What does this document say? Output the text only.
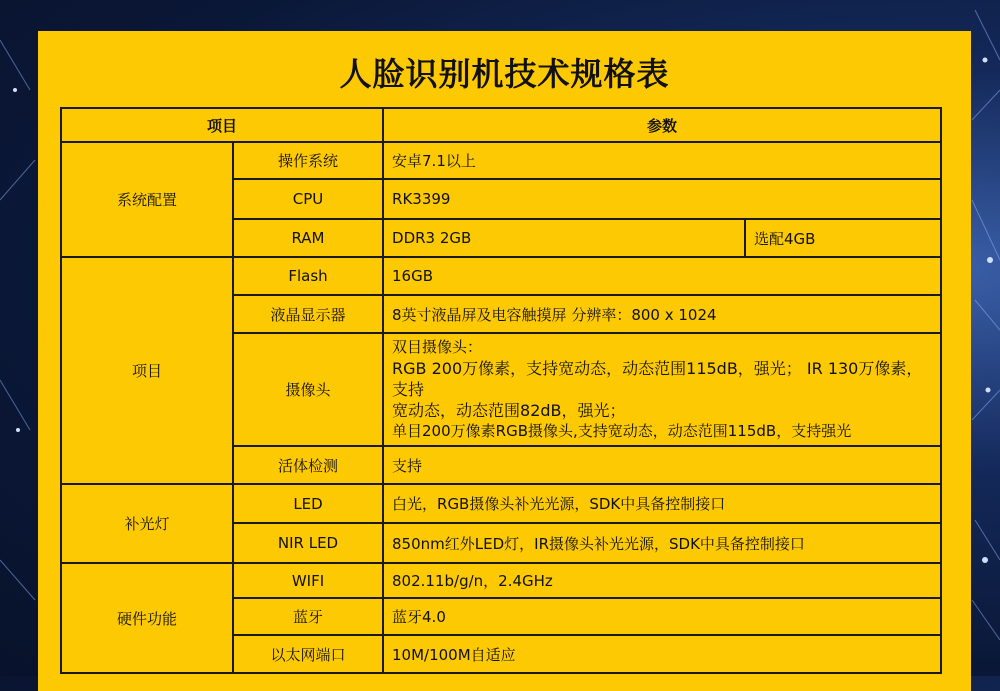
人脸识别机技术规格表
项目		参数	
系统配置	操作系统	安卓7.1以上	
	CPU	RK3399	
	RAM	DDR3 2GB	选配4GB
项目	Flash	16GB	
	液晶显示器	8英寸液晶屏及电容触摸屏 分辨率：800 x 1024	
	摄像头	双目摄像头：
RGB 200万像素，支持宽动态，动态范围115dB，强光； IR 130万像素，支持
宽动态，动态范围82dB，强光；
单目200万像素RGB摄像头,支持宽动态，动态范围115dB，支持强光	

	活体检测	支持	
补光灯	LED	白光，RGB摄像头补光光源，SDK中具备控制接口	
	NIR LED	850nm红外LED灯，IR摄像头补光光源，SDK中具备控制接口	
硬件功能	WIFI	802.11b/g/n，2.4GHz	
	蓝牙	蓝牙4.0	
	以太网端口	10M/100M自适应	
